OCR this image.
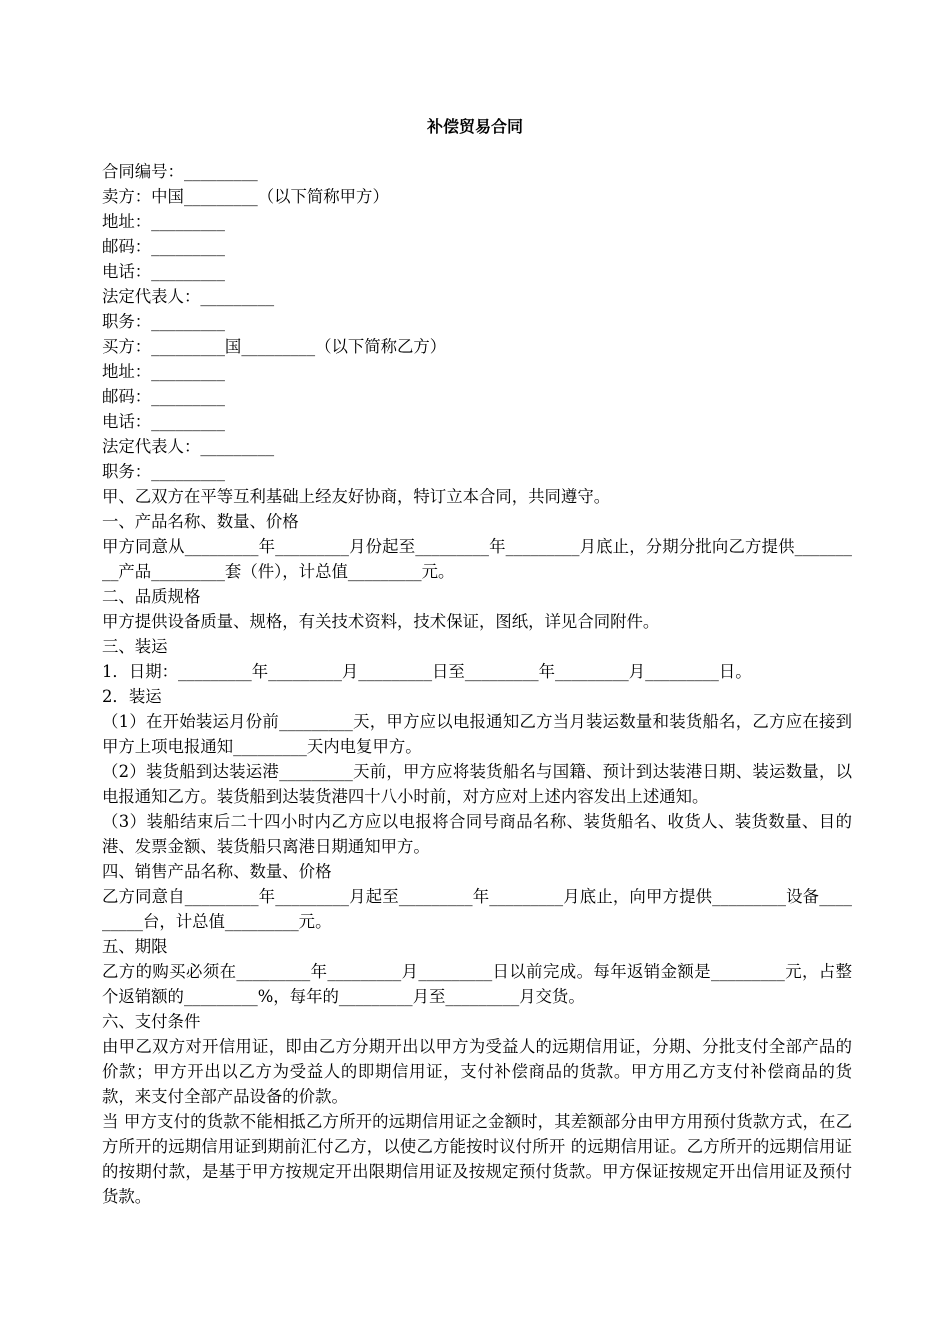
补偿贸易合同
合同编号：_________
卖方：中国_________（以下简称甲方）
地址：_________
邮码：_________
电话：_________
法定代表人：_________
职务：_________
买方：_________国_________（以下简称乙方）
地址：_________
邮码：_________
电话：_________
法定代表人：_________
职务：_________
甲、乙双方在平等互利基础上经友好协商，特订立本合同，共同遵守。
一、产品名称、数量、价格
甲方同意从_________年_________月份起至_________年_________月底止，分期分批向乙方提供_________产品_________套（件），计总值_________元。
二、品质规格
甲方提供设备质量、规格，有关技术资料，技术保证，图纸，详见合同附件。
三、装运
1．日期：_________年_________月_________日至_________年_________月_________日。
2．装运
（1）在开始装运月份前_________天，甲方应以电报通知乙方当月装运数量和装货船名，乙方应在接到甲方上项电报通知_________天内电复甲方。
（2）装货船到达装运港_________天前，甲方应将装货船名与国籍、预计到达装港日期、装运数量，以电报通知乙方。装货船到达装货港四十八小时前，对方应对上述内容发出上述通知。
（3）装船结束后二十四小时内乙方应以电报将合同号商品名称、装货船名、收货人、装货数量、目的港、发票金额、装货船只离港日期通知甲方。
四、销售产品名称、数量、价格
乙方同意自_________年_________月起至_________年_________月底止，向甲方提供_________设备_________台，计总值_________元。
五、期限
乙方的购买必须在_________年_________月_________日以前完成。每年返销金额是_________元，占整个返销额的_________%，每年的_________月至_________月交货。
六、支付条件
由甲乙双方对开信用证，即由乙方分期开出以甲方为受益人的远期信用证，分期、分批支付全部产品的价款；甲方开出以乙方为受益人的即期信用证，支付补偿商品的货款。甲方用乙方支付补偿商品的货款，来支付全部产品设备的价款。
当 甲方支付的货款不能相抵乙方所开的远期信用证之金额时，其差额部分由甲方用预付货款方式，在乙方所开的远期信用证到期前汇付乙方，以使乙方能按时议付所开 的远期信用证。乙方所开的远期信用证的按期付款，是基于甲方按规定开出限期信用证及按规定预付货款。甲方保证按规定开出信用证及预付货款。
